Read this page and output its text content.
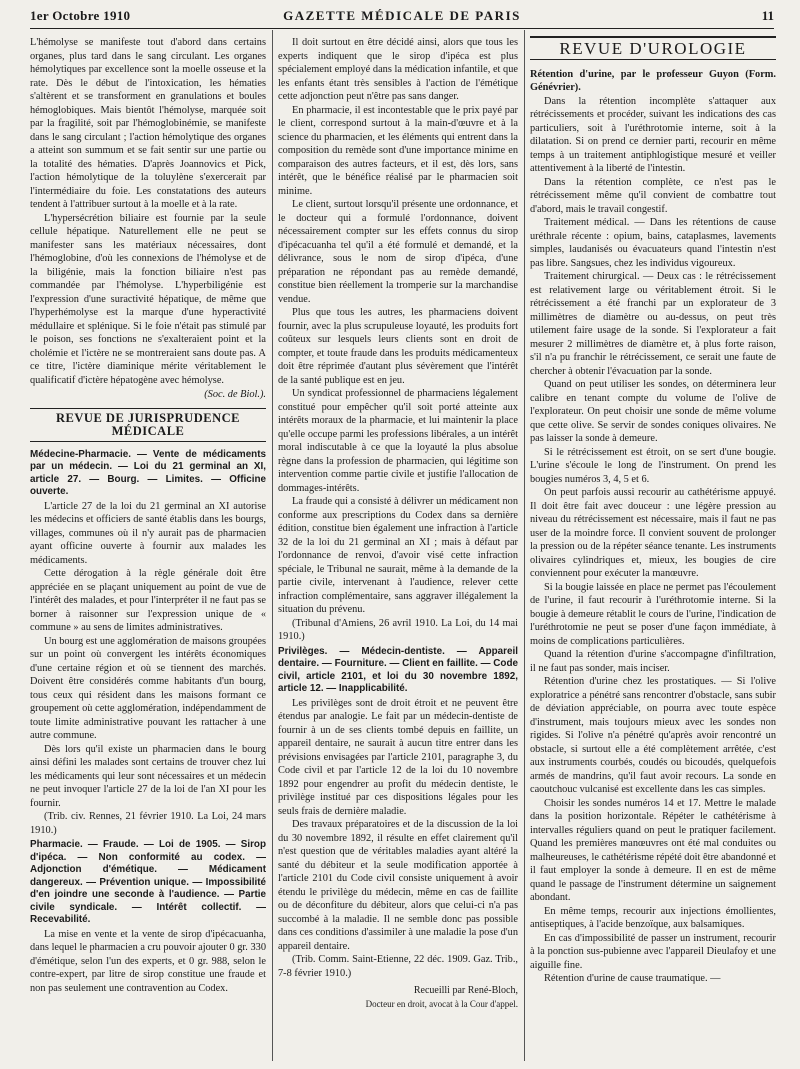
1er Octobre 1910	GAZETTE MÉDICALE DE PARIS	11

L'hémolyse se manifeste tout d'abord dans certains organes, plus tard dans le sang circulant. Les organes hémolytiques par excellence sont la moelle osseuse et la rate. Dès le début de l'intoxication, les hématies s'altèrent et se transforment en granulations et boules hémoglobiques. Mais bientôt l'hémolyse, marquée soit par la fragilité, soit par l'hémoglobinémie, se manifeste dans le sang circulant ; l'action hémolytique des organes a atteint son summum et se fait sentir sur une partie ou la totalité des hématies. D'après Joannovics et Pick, l'action hémolytique de la toluylène s'exercerait par l'intermédiaire du foie. Les constatations des auteurs tendent à l'attribuer surtout à la moelle et à la rate.

L'hypersécrétion biliaire est fournie par la seule cellule hépatique. Naturellement elle ne peut se manifester sans les matériaux nécessaires, dont l'hémoglobine, d'où les connexions de l'hémolyse et de la biligénie, mais la fonction biliaire n'est pas commandée par l'hémolyse. L'hyperbiligénie est l'expression d'une suractivité hépatique, de même que l'hyperhémolyse est la marque d'une hyperactivité médullaire et splénique. Si le foie n'était pas stimulé par le poison, ses fonctions ne s'exalteraient point et la cholémie et l'ictère ne se montreraient sans doute pas. A ce titre, l'ictère diaminique mérite véritablement le qualificatif d'ictère hépatogène avec hémolyse.

(Soc. de Biol.).

REVUE DE JURISPRUDENCE MÉDICALE

Médecine-Pharmacie. — Vente de médicaments par un médecin. — Loi du 21 germinal an XI, article 27. — Bourg. — Limites. — Officine ouverte.

L'article 27 de la loi du 21 germinal an XI autorise les médecins et officiers de santé établis dans les bourgs, villages, communes où il n'y aurait pas de pharmacien ayant officine ouverte à fournir aux malades les médicaments.

Cette dérogation à la règle générale doit être appréciée en se plaçant uniquement au point de vue de l'intérêt des malades, et pour l'interpréter il ne faut pas se borner à raisonner sur l'expression unique de « commune » au sens de limites administratives.

Un bourg est une agglomération de maisons groupées sur un point où convergent les intérêts économiques d'une certaine région et où se tiennent des marchés. Doivent être considérés comme habitants d'un bourg, tous ceux qui résident dans les maisons formant ce groupement où cette agglomération, indépendamment de toute limite administrative pouvant les rattacher à une autre commune.

Dès lors qu'il existe un pharmacien dans le bourg ainsi défini les malades sont certains de trouver chez lui les médicaments qui leur sont nécessaires et un médecin ne peut invoquer l'article 27 de la loi de l'an XI pour les fournir.

(Trib. civ. Rennes, 21 février 1910. La Loi, 24 mars 1910.)

Pharmacie. — Fraude. — Loi de 1905. — Sirop d'ipéca. — Non conformité au codex. — Adjonction d'émétique. — Médicament dangereux. — Prévention unique. — Impossibilité d'en joindre une seconde à l'audience. — Partie civile syndicale. — Intérêt collectif. — Recevabilité.

La mise en vente et la vente de sirop d'ipécacuanha, dans lequel le pharmacien a cru pouvoir ajouter 0 gr. 330 d'émétique, selon l'un des experts, et 0 gr. 988, selon le contre-expert, par litre de sirop constitue une fraude et non pas seulement une contravention au Codex.

Il doit surtout en être décidé ainsi, alors que tous les experts indiquent que le sirop d'ipéca est plus spécialement employé dans la médication infantile, et que les enfants étant très sensibles à l'action de l'émétique cette adjonction peut n'être pas sans danger.

En pharmacie, il est incontestable que le prix payé par le client, correspond surtout à la main-d'œuvre et à la science du pharmacien, et les éléments qui entrent dans la composition du remède sont d'une importance minime en comparaison des autres facteurs, et il est, dès lors, sans intérêt, que le bénéfice réalisé par le pharmacien soit minime.

Le client, surtout lorsqu'il présente une ordonnance, et le docteur qui a formulé l'ordonnance, doivent nécessairement compter sur les effets connus du sirop d'ipécacuanha tel qu'il a été formulé et demandé, et la délivrance, sous le nom de sirop d'ipéca, d'une préparation ne répondant pas au remède demandé, constitue bien réellement la tromperie sur la marchandise vendue.

Plus que tous les autres, les pharmaciens doivent fournir, avec la plus scrupuleuse loyauté, les produits fort coûteux sur lesquels leurs clients sont en droit de compter, et toute fraude dans les produits médicamenteux doit être réprimée d'autant plus sévèrement que l'intérêt de la santé publique est en jeu.

Un syndicat professionnel de pharmaciens légalement constitué pour empêcher qu'il soit porté atteinte aux intérêts moraux de la pharmacie, et lui maintenir la place qu'elle occupe parmi les professions libérales, a un intérêt moral indiscutable à ce que la loyauté la plus absolue règne dans la profession de pharmacien, qui légitime son intervention comme partie civile et justifie l'allocation de dommages-intérêts.

La fraude qui a consisté à délivrer un médicament non conforme aux prescriptions du Codex dans sa dernière édition, constitue bien également une infraction à l'article 32 de la loi du 21 germinal an XI ; mais à défaut par l'ordonnance de renvoi, d'avoir visé cette infraction spéciale, le Tribunal ne saurait, même à la demande de la partie civile, intervenant à l'audience, relever cette infraction complémentaire, sans aggraver illégalement la situation du prévenu.

(Tribunal d'Amiens, 26 avril 1910. La Loi, du 14 mai 1910.)

Privilèges. — Médecin-dentiste. — Appareil dentaire. — Fourniture. — Client en faillite. — Code civil, article 2101, et loi du 30 novembre 1892, article 12. — Inapplicabilité.

Les privilèges sont de droit étroit et ne peuvent être étendus par analogie. Le fait par un médecin-dentiste de fournir à un de ses clients tombé depuis en faillite, un appareil dentaire, ne saurait à aucun titre entrer dans les prévisions envisagées par l'article 2101, paragraphe 3, du Code civil et par l'article 12 de la loi du 10 novembre 1892 pour engendrer au profit du médecin dentiste, le privilège institué par ces dispositions légales pour les seuls frais de dernière maladie.

Des travaux préparatoires et de la discussion de la loi du 30 novembre 1892, il résulte en effet clairement qu'il n'est question que de véritables maladies ayant altéré la santé du débiteur et la seule modification apportée à l'article 2101 du Code civil consiste uniquement à avoir étendu le privilège du médecin, même en cas de faillite ou de déconfiture du débiteur, alors que celui-ci n'a pas succombé à la maladie. Il ne semble donc pas possible dans ces conditions d'assimiler à une maladie la pose d'un appareil dentaire.

(Trib. Comm. Saint-Etienne, 22 déc. 1909. Gaz. Trib., 7-8 février 1910.)

Recueilli par René-Bloch,
Docteur en droit, avocat à la Cour d'appel.
REVUE D'UROLOGIE

Rétention d'urine, par le professeur Guyon (Form. Génévrier).

Dans la rétention incomplète s'attaquer aux rétrécissements et procéder, suivant les indications des cas particuliers, soit à l'uréthrotomie interne, soit à la dilatation. Si on prend ce dernier parti, recourir en même temps à un traitement antiphlogistique mesuré et veiller attentivement à la liberté de l'intestin.

Dans la rétention complète, ce n'est pas le rétrécissement même qu'il convient de combattre tout d'abord, mais le travail congestif.

Traitement médical. — Dans les rétentions de cause uréthrale récente : opium, bains, cataplasmes, lavements simples, laudanisés ou évacuateurs quand l'intestin n'est pas libre. Sangsues, chez les individus vigoureux.

Traitement chirurgical. — Deux cas : le rétrécissement est relativement large ou véritablement étroit. Si le rétrécissement a été franchi par un explorateur de 3 millimètres de diamètre ou au-dessus, on peut très utilement faire usage de la sonde. Si l'explorateur a fait mesurer 2 millimètres de diamètre et, à plus forte raison, s'il n'a pu franchir le rétrécissement, ce serait une faute de chercher à obtenir l'évacuation par la sonde.

Quand on peut utiliser les sondes, on déterminera leur calibre en tenant compte du volume de l'olive de l'explorateur. On peut choisir une sonde de même volume que cette olive. Se servir de sondes coniques olivaires. Ne pas laisser la sonde à demeure.

Si le rétrécissement est étroit, on se sert d'une bougie. L'urine s'écoule le long de l'instrument. On prend les bougies numéros 3, 4, 5 et 6.

On peut parfois aussi recourir au cathétérisme appuyé. Il doit être fait avec douceur : une légère pression au niveau du rétrécissement est nécessaire, mais il faut ne pas user de la moindre force. Il convient souvent de prolonger la pression ou de la répéter séance tenante. Les instruments olivaires cylindriques et, mieux, les bougies de cire conviennent pour exécuter la manœuvre.

Si la bougie laissée en place ne permet pas l'écoulement de l'urine, il faut recourir à l'uréthrotomie interne. Si la bougie à demeure rétablit le cours de l'urine, l'indication de l'uréthrotomie ne peut se poser d'une façon immédiate, à moins de complications particulières.

Quand la rétention d'urine s'accompagne d'infiltration, il ne faut pas sonder, mais inciser.

Rétention d'urine chez les prostatiques. — Si l'olive exploratrice a pénétré sans rencontrer d'obstacle, sans subir de déviation appréciable, on pourra avec toute espèce d'instrument, mais toujours mieux avec les sondes non rigides. Si l'olive n'a pénétré qu'après avoir rencontré un obstacle, si surtout elle a été complètement arrêtée, c'est aux instruments courbés, coudés ou bicoudés, quelquefois armés de mandrins, qu'il faut avoir recours. La sonde en caoutchouc vulcanisé est excellente dans les cas simples.

Choisir les sondes numéros 14 et 17. Mettre le malade dans la position horizontale. Répéter le cathétérisme à intervalles réguliers quand on peut le pratiquer facilement. Quand les premières manœuvres ont été mal conduites ou malheureuses, le cathétérisme répété doit être abandonné et il faut employer la sonde à demeure. Il en est de même quand le passage de l'instrument détermine un saignement abondant.

En même temps, recourir aux injections émollientes, antiseptiques, à l'acide benzoïque, aux balsamiques.

En cas d'impossibilité de passer un instrument, recourir à la ponction sus-pubienne avec l'appareil Dieulafoy et une aiguille fine.

Rétention d'urine de cause traumatique. —
